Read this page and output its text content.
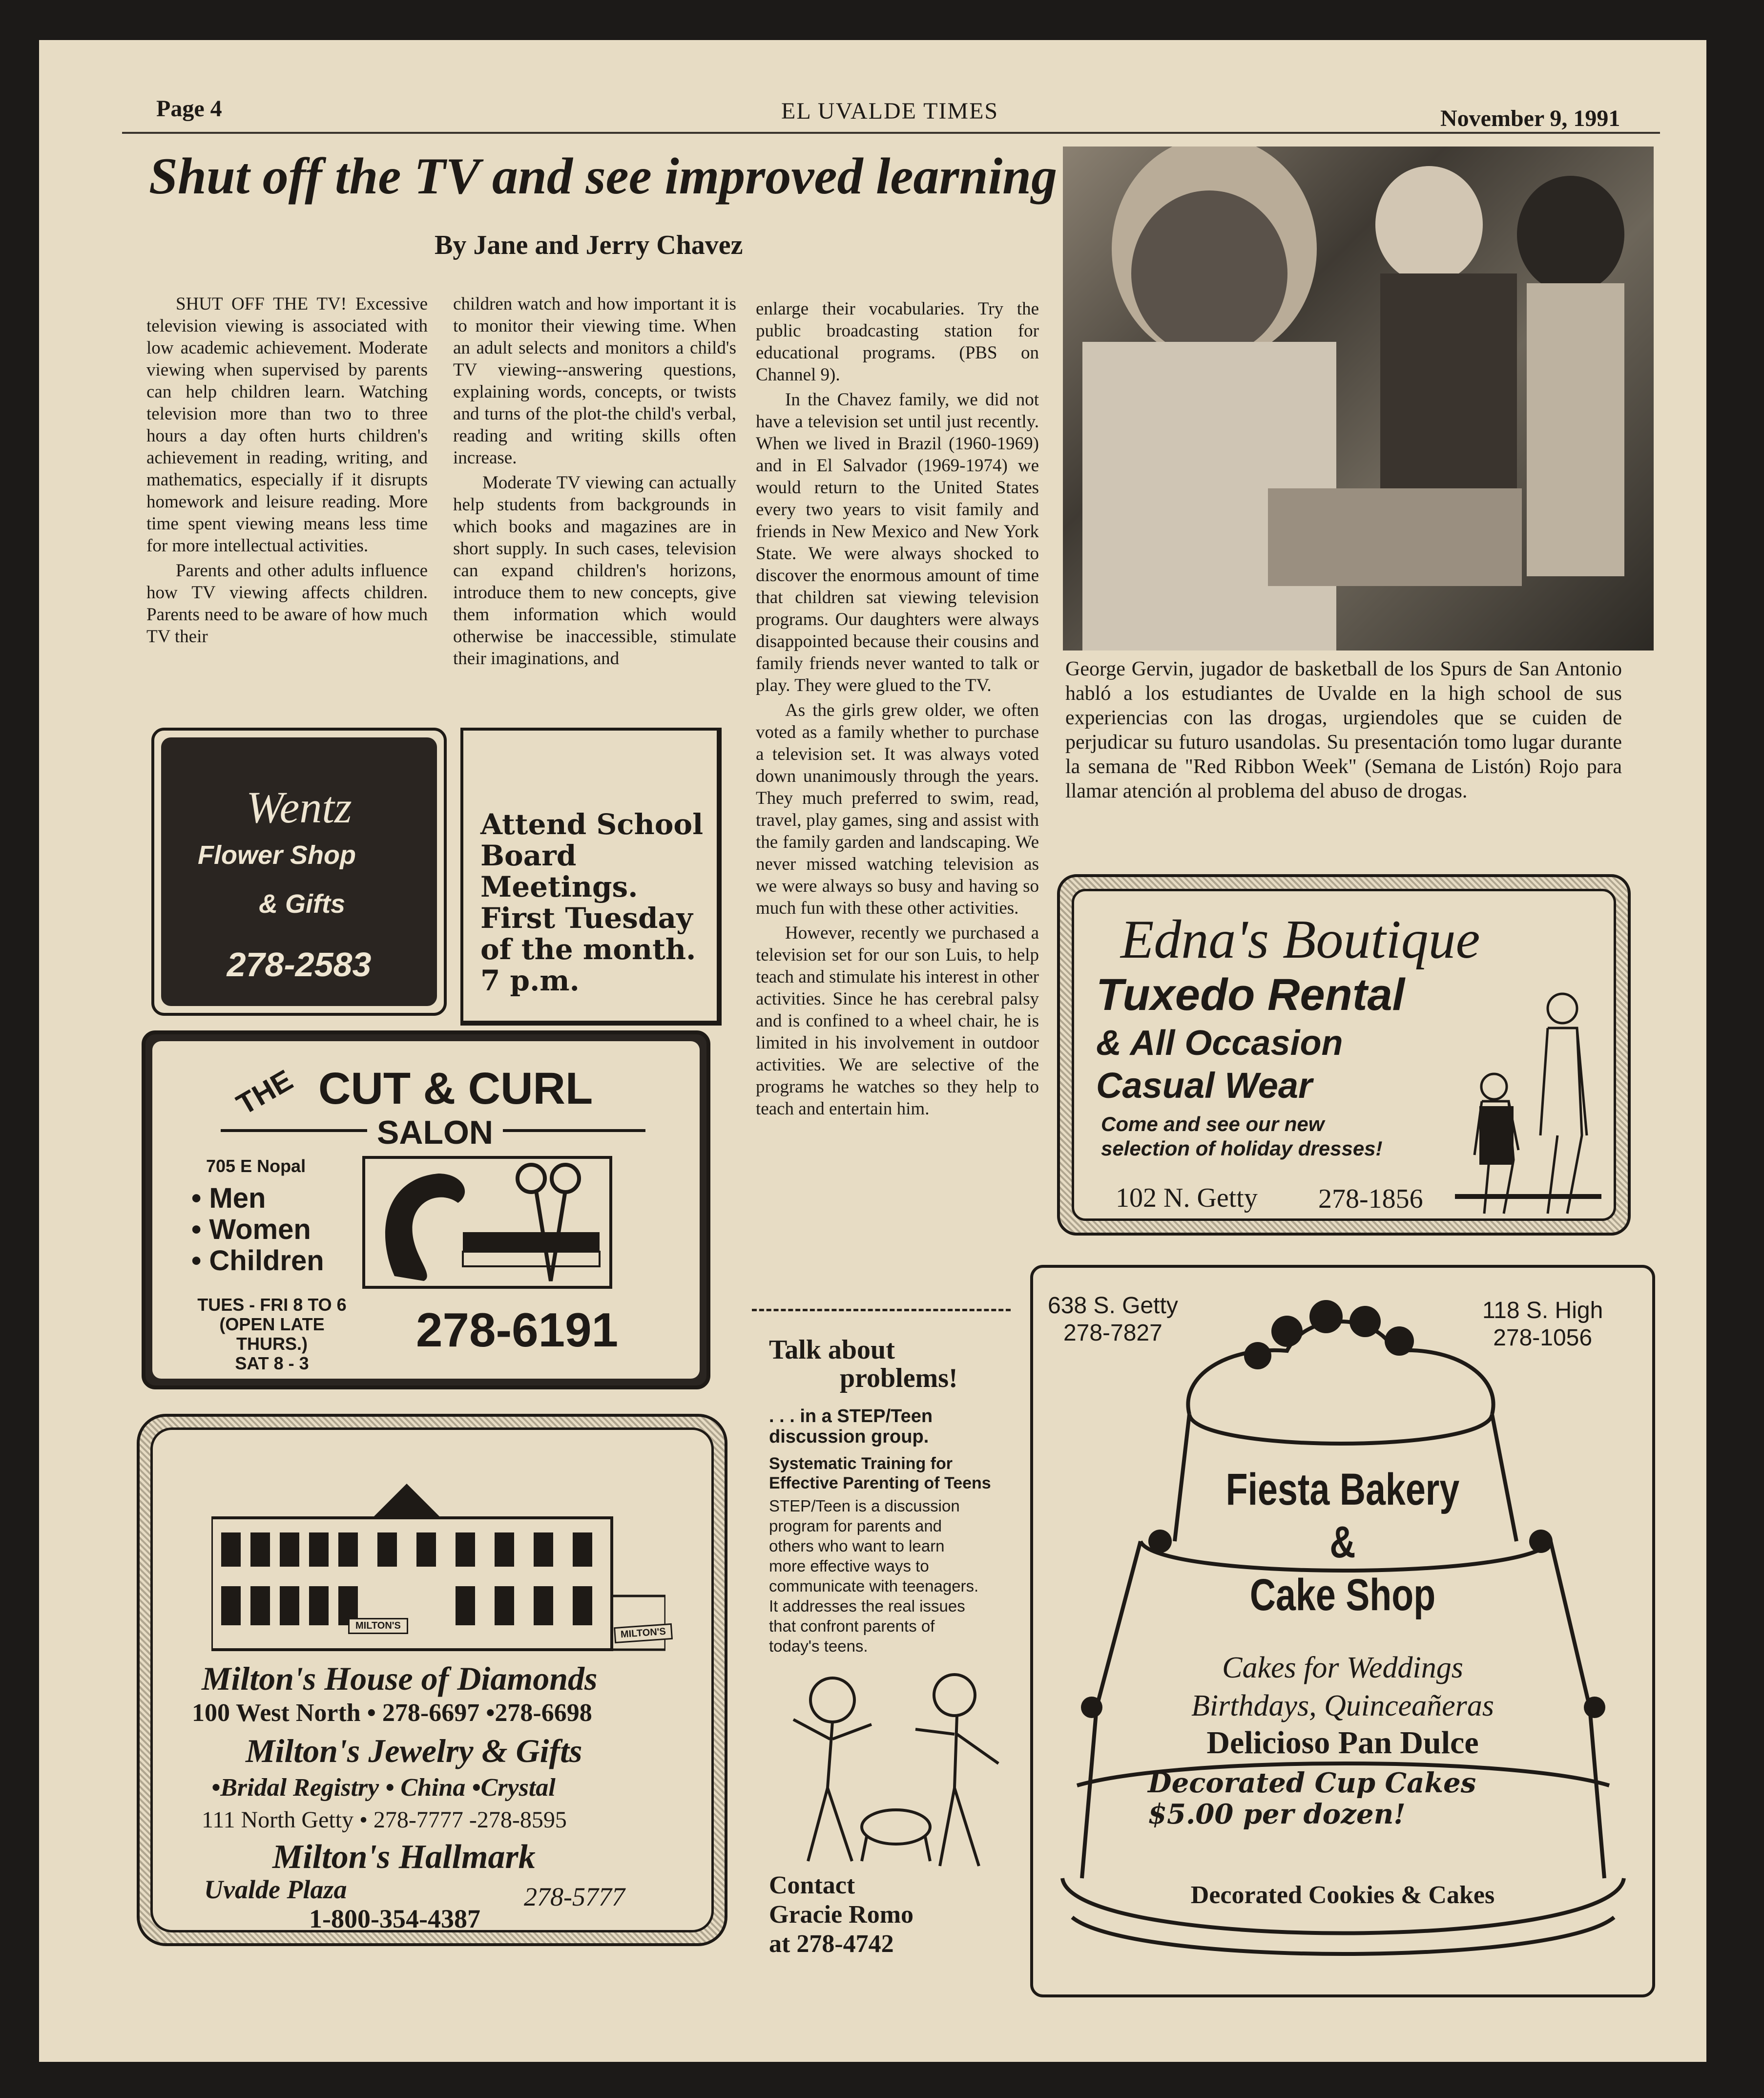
Page 4	EL UVALDE TIMES	November 9, 1991
Shut off the TV and see improved learning
By Jane and Jerry Chavez

SHUT OFF THE TV! Excessive television viewing is associated with low academic achievement. Moderate viewing when supervised by parents can help children learn. Watching television more than two to three hours a day often hurts children's achievement in reading, writing, and mathematics, especially if it disrupts homework and leisure reading. More time spent viewing means less time for more intellectual activities.

Parents and other adults influence how TV viewing affects children. Parents need to be aware of how much TV their

children watch and how important it is to monitor their viewing time. When an adult selects and monitors a child's TV viewing--answering questions, explaining words, concepts, or twists and turns of the plot-the child's verbal, reading and writing skills often increase.

Moderate TV viewing can actually help students from backgrounds in which books and magazines are in short supply. In such cases, television can expand children's horizons, introduce them to new concepts, give them information which would otherwise be inaccessible, stimulate their imaginations, and

enlarge their vocabularies. Try the public broadcasting station for educational programs. (PBS on Channel 9).

In the Chavez family, we did not have a television set until just recently. When we lived in Brazil (1960-1969) and in El Salvador (1969-1974) we would return to the United States every two years to visit family and friends in New Mexico and New York State. We were always shocked to discover the enormous amount of time that children sat viewing television programs. Our daughters were always disappointed because their cousins and family friends never wanted to talk or play. They were glued to the TV.

As the girls grew older, we often voted as a family whether to purchase a television set. It was always voted down unanimously through the years. They much preferred to swim, read, travel, play games, sing and assist with the family garden and landscaping. We never missed watching television as we were always so busy and having so much fun with these other activities.

However, recently we purchased a television set for our son Luis, to help teach and stimulate his interest in other activities. Since he has cerebral palsy and is confined to a wheel chair, he is limited in his involvement in outdoor activities. We are selective of the programs he watches so they help to teach and entertain him.

George Gervin, jugador de basketball de los Spurs de San Antonio habló a los estudiantes de Uvalde en la high school de sus experiencias con las drogas, urgiendoles que se cuiden de perjudicar su futuro usandolas. Su presentación tomo lugar durante la semana de "Red Ribbon Week" (Semana de Listón) Rojo para llamar atención al problema del abuso de drogas.
Wentz
Flower Shop
& Gifts
278-2583
Attend School Board Meetings. First Tuesday of the month. 7 p.m.
THE CUT & CURL
SALON
705 E Nopal
• Men
• Women
• Children
TUES - FRI 8 TO 6
(OPEN LATE THURS.)
SAT 8 - 3
278-6191
MILTON'S
MILTON'S
Milton's House of Diamonds
100 West North • 278-6697 •278-6698
Milton's Jewelry & Gifts
•Bridal Registry • China •Crystal
111 North Getty • 278-7777 -278-8595
Milton's Hallmark
Uvalde Plaza	278-5777
1-800-354-4387
Talk about
problems!
. . . in a STEP/Teen discussion group.
Systematic Training for Effective Parenting of Teens
STEP/Teen is a discussion program for parents and others who want to learn more effective ways to communicate with teenagers. It addresses the real issues that confront parents of today's teens.
Contact
Gracie Romo
at 278-4742
Edna's Boutique
Tuxedo Rental
& All Occasion
Casual Wear
Come and see our new selection of holiday dresses!
102 N. Getty 278-1856
638 S. Getty
278-7827
118 S. High
278-1056
Fiesta Bakery
&
Cake Shop
Cakes for Weddings
Birthdays, Quinceañeras
Delicioso Pan Dulce
Decorated Cup Cakes
$5.00 per dozen!
Decorated Cookies & Cakes
